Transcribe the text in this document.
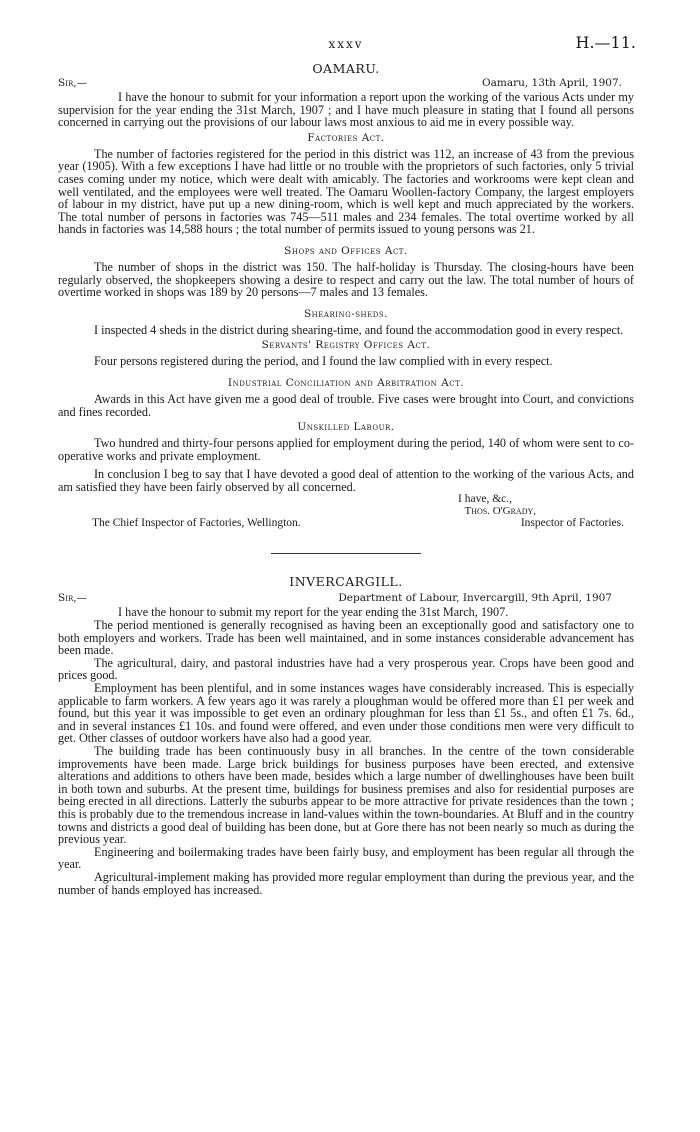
xxxv	H.—11.
OAMARU.
Sir,—	Oamaru, 13th April, 1907.

I have the honour to submit for your information a report upon the working of the various Acts under my supervision for the year ending the 31st March, 1907 ; and I have much pleasure in stating that I found all persons concerned in carrying out the provisions of our labour laws most anxious to aid me in every possible way.

Factories Act.

The number of factories registered for the period in this district was 112, an increase of 43 from the previous year (1905). With a few exceptions I have had little or no trouble with the proprietors of such factories, only 5 trivial cases coming under my notice, which were dealt with amicably. The factories and workrooms were kept clean and well ventilated, and the employees were well treated. The Oamaru Woollen-factory Company, the largest employers of labour in my district, have put up a new dining-room, which is well kept and much appreciated by the workers. The total number of persons in factories was 745—511 males and 234 females. The total overtime worked by all hands in factories was 14,588 hours ; the total number of permits issued to young persons was 21.

Shops and Offices Act.

The number of shops in the district was 150. The half-holiday is Thursday. The closing-hours have been regularly observed, the shopkeepers showing a desire to respect and carry out the law. The total number of hours of overtime worked in shops was 189 by 20 persons—7 males and 13 females.

Shearing-sheds.

I inspected 4 sheds in the district during shearing-time, and found the accommodation good in every respect.

Servants' Registry Offices Act.

Four persons registered during the period, and I found the law complied with in every respect.

Industrial Conciliation and Arbitration Act.

Awards in this Act have given me a good deal of trouble. Five cases were brought into Court, and convictions and fines recorded.

Unskilled Labour.

Two hundred and thirty-four persons applied for employment during the period, 140 of whom were sent to co-operative works and private employment.

In conclusion I beg to say that I have devoted a good deal of attention to the working of the various Acts, and am satisfied they have been fairly observed by all concerned.

I have, &c.,
Thos. O'Grady,
The Chief Inspector of Factories, Wellington.	Inspector of Factories.
INVERCARGILL.
Sir,—	Department of Labour, Invercargill, 9th April, 1907

I have the honour to submit my report for the year ending the 31st March, 1907.

The period mentioned is generally recognised as having been an exceptionally good and satisfactory one to both employers and workers. Trade has been well maintained, and in some instances considerable advancement has been made.

The agricultural, dairy, and pastoral industries have had a very prosperous year. Crops have been good and prices good.

Employment has been plentiful, and in some instances wages have considerably increased. This is especially applicable to farm workers. A few years ago it was rarely a ploughman would be offered more than £1 per week and found, but this year it was impossible to get even an ordinary ploughman for less than £1 5s., and often £1 7s. 6d., and in several instances £1 10s. and found were offered, and even under those conditions men were very difficult to get. Other classes of outdoor workers have also had a good year.

The building trade has been continuously busy in all branches. In the centre of the town considerable improvements have been made. Large brick buildings for business purposes have been erected, and extensive alterations and additions to others have been made, besides which a large number of dwellinghouses have been built in both town and suburbs. At the present time, buildings for business premises and also for residential purposes are being erected in all directions. Latterly the suburbs appear to be more attractive for private residences than the town ; this is probably due to the tremendous increase in land-values within the town-boundaries. At Bluff and in the country towns and districts a good deal of building has been done, but at Gore there has not been nearly so much as during the previous year.

Engineering and boilermaking trades have been fairly busy, and employment has been regular all through the year.

Agricultural-implement making has provided more regular employment than during the previous year, and the number of hands employed has increased.
